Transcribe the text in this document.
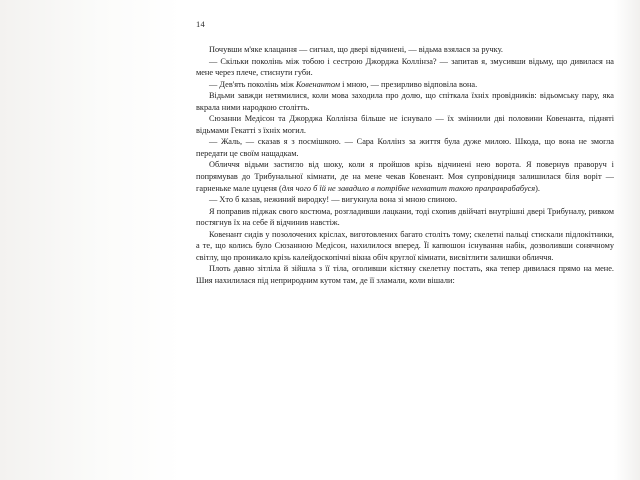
14

Почувши м'яке клацання — сигнал, що двері відчинені, — відьма взялася за ручку.

— Скільки поколінь між тобою і сестрою Джорджа Коллінза? — запитав я, змусивши відьму, що дивилася на мене через плече, стиснути губи.

— Дев'ять поколінь між Ковенантом і мною, — презирливо відповіла вона.

Відьми завжди нетямилися, коли мова заходила про долю, що спіткала їхніх провідників: відьомську пару, яка вкрала ними народкою столітть.

Сюзанни Медісон та Джорджа Коллінза більше не існувало — їх зміниили дві половини Ковенанта, підняті відьмами Гекатті з їхніх могил.

— Жаль, — сказав я з посмішкою. — Сара Коллінз за життя була дуже милою. Шкода, що вона не змогла передати це своїм нащадкам.

Обличчя відьми застигло від шоку, коли я пройшов крізь відчинені нею ворота. Я повернув праворуч і попрямував до Трибунальної кімнати, де на мене чекав Ковенант. Моя супровідниця залишилася біля воріт — гарненьке мале цуценя (для чого б їй не завадило в потрібне нехватит такою праправрабабуся).

— Хто б казав, нежиний виродку! — вигукнула вона зі мною спиною.

Я поправив піджак свого костюма, розгладивши лацкани, тоді схопив двійчаті внутрішні двері Трибуналу, ривком постягнув їх на себе й відчинив навстіж.

Ковенант сидів у позолочених кріслах, виготовлених багато століть тому; скелетні пальці стискали підлокітники, а те, що колись було Сюзанною Медісон, нахилилося вперед. Її капюшон існування набік, дозволивши сонячному світлу, що проникало крізь калейдоскопічні вікна обіч круглої кімнати, висвітлити залишки обличчя.

Плоть давно зітліла й зійшла з її тіла, оголивши кістяну скелетну постать, яка тепер дивилася прямо на мене. Шия нахилилася під неприродним кутом там, де її зламали, коли вішали:
